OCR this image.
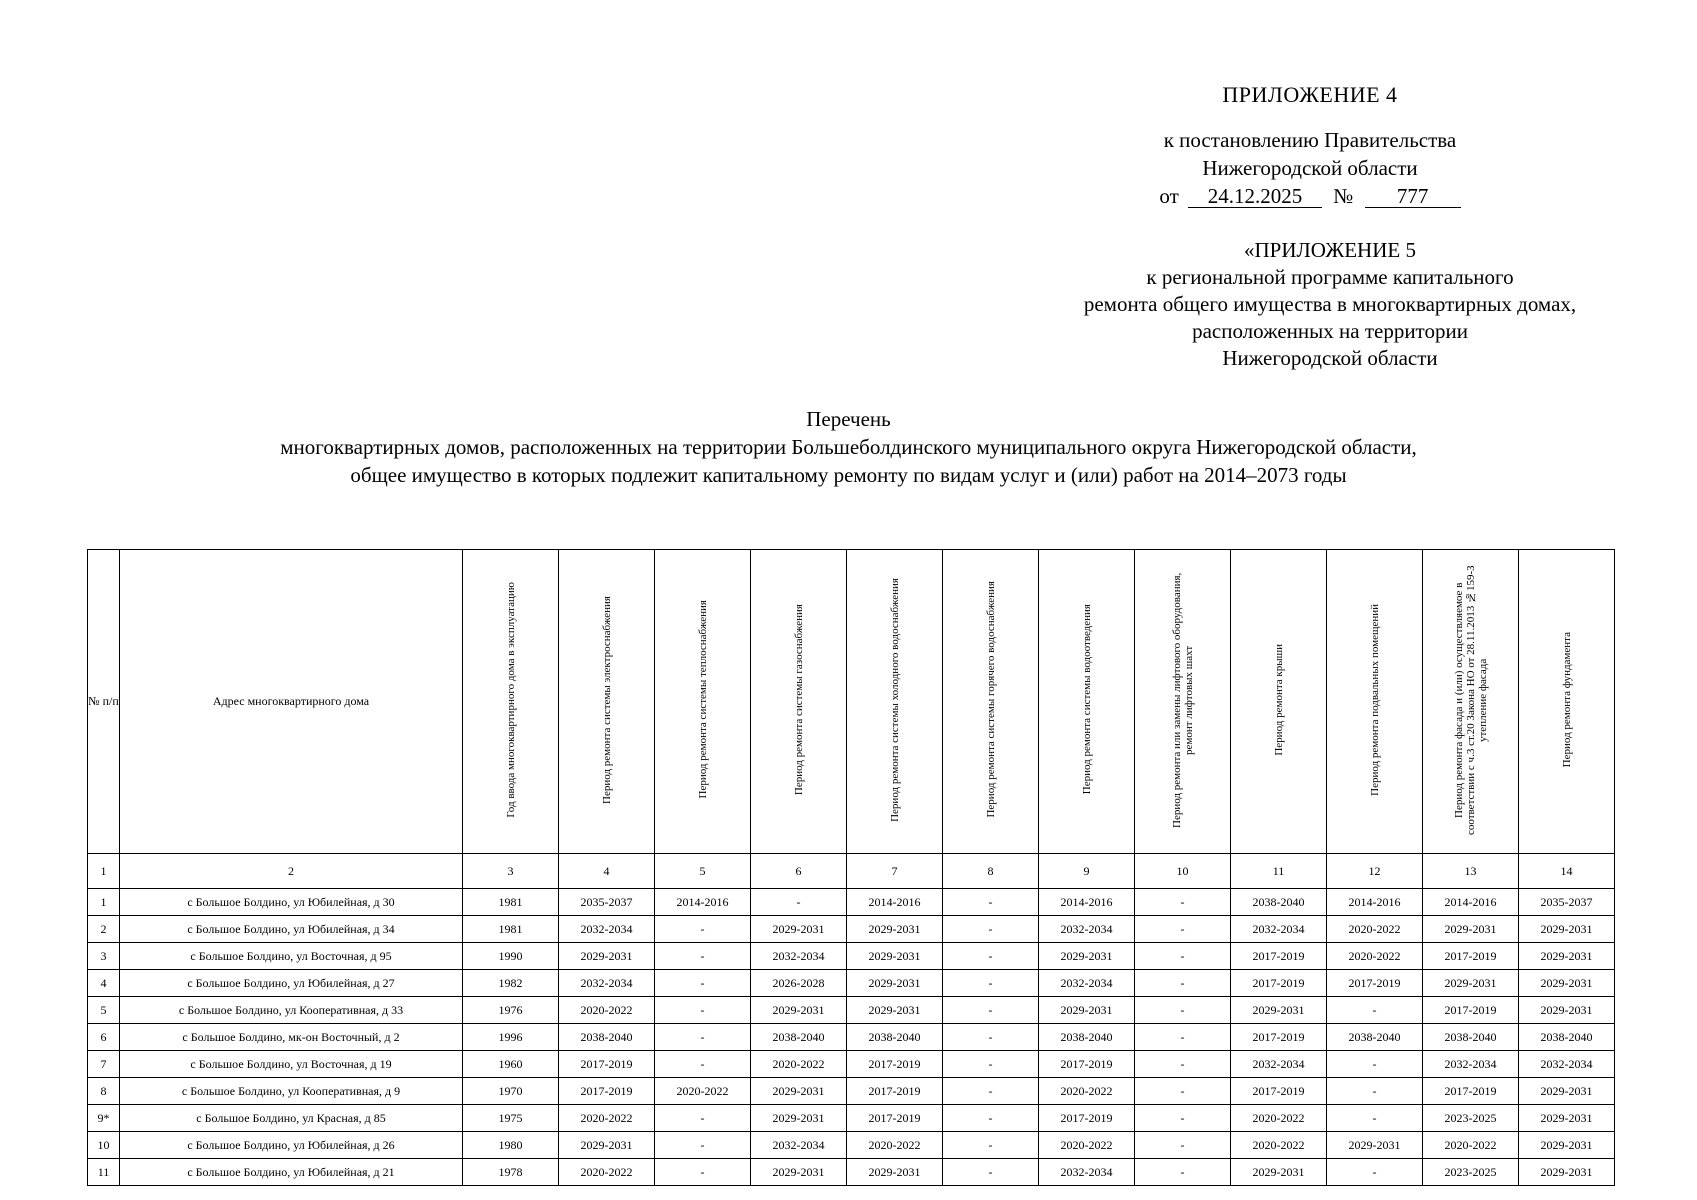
ПРИЛОЖЕНИЕ 4
к постановлению Правительства
Нижегородской области
от 24.12.2025 № 777
«ПРИЛОЖЕНИЕ 5
к региональной программе капитального
ремонта общего имущества в многоквартирных домах,
расположенных на территории
Нижегородской области
Перечень
многоквартирных домов, расположенных на территории Большеболдинского муниципального округа Нижегородской области,
общее имущество в которых подлежит капитальному ремонту по видам услуг и (или) работ на 2014–2073 годы
№ п/п	Адрес многоквартирного дома	Год ввода многоквартирного дома в эксплуатацию	Период ремонта системы электроснабжения	Период ремонта системы теплоснабжения	Период ремонта системы газоснабжения	Период ремонта системы холодного водоснабжения	Период ремонта системы горячего водоснабжения	Период ремонта системы водоотведения	Период ремонта или замены лифтового оборудования, ремонт лифтовых шахт	Период ремонта крыши	Период ремонта подвальных помещений	Период ремонта фасада и (или) осуществляемое в соответствии с ч.3 ст.20 Закона НО от 28.11.2013 №159-З утепление фасада	Период ремонта фундамента
1	2	3	4	5	6	7	8	9	10	11	12	13	14
1	с Большое Болдино, ул Юбилейная, д 30	1981	2035-2037	2014-2016	-	2014-2016	-	2014-2016	-	2038-2040	2014-2016	2014-2016	2035-2037
2	с Большое Болдино, ул Юбилейная, д 34	1981	2032-2034	-	2029-2031	2029-2031	-	2032-2034	-	2032-2034	2020-2022	2029-2031	2029-2031
3	с Большое Болдино, ул Восточная, д 95	1990	2029-2031	-	2032-2034	2029-2031	-	2029-2031	-	2017-2019	2020-2022	2017-2019	2029-2031
4	с Большое Болдино, ул Юбилейная, д 27	1982	2032-2034	-	2026-2028	2029-2031	-	2032-2034	-	2017-2019	2017-2019	2029-2031	2029-2031
5	с Большое Болдино, ул Кооперативная, д 33	1976	2020-2022	-	2029-2031	2029-2031	-	2029-2031	-	2029-2031	-	2017-2019	2029-2031
6	с Большое Болдино, мк-он Восточный, д 2	1996	2038-2040	-	2038-2040	2038-2040	-	2038-2040	-	2017-2019	2038-2040	2038-2040	2038-2040
7	с Большое Болдино, ул Восточная, д 19	1960	2017-2019	-	2020-2022	2017-2019	-	2017-2019	-	2032-2034	-	2032-2034	2032-2034
8	с Большое Болдино, ул Кооперативная, д 9	1970	2017-2019	2020-2022	2029-2031	2017-2019	-	2020-2022	-	2017-2019	-	2017-2019	2029-2031
9*	с Большое Болдино, ул Красная, д 85	1975	2020-2022	-	2029-2031	2017-2019	-	2017-2019	-	2020-2022	-	2023-2025	2029-2031
10	с Большое Болдино, ул Юбилейная, д 26	1980	2029-2031	-	2032-2034	2020-2022	-	2020-2022	-	2020-2022	2029-2031	2020-2022	2029-2031
11	с Большое Болдино, ул Юбилейная, д 21	1978	2020-2022	-	2029-2031	2029-2031	-	2032-2034	-	2029-2031	-	2023-2025	2029-2031
